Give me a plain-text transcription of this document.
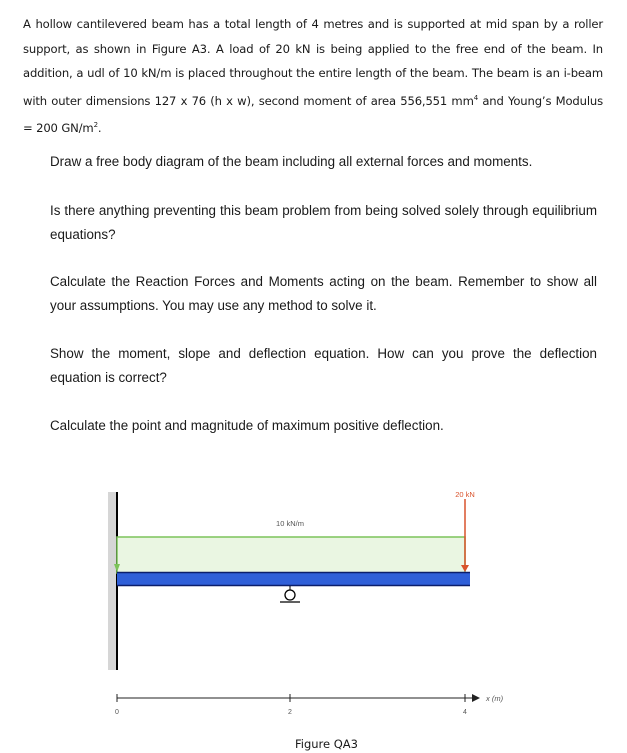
A hollow cantilevered beam has a total length of 4 metres and is supported at mid span by a roller support, as shown in Figure A3. A load of 20 kN is being applied to the free end of the beam. In addition, a udl of 10 kN/m is placed throughout the entire length of the beam. The beam is an i-beam with outer dimensions 127 x 76 (h x w), second moment of area 556,551 $mm^4$ and Young’s Modulus = 200 $GN/m^2$.

Draw a free body diagram of the beam including all external forces and moments.

Is there anything preventing this beam problem from being solved solely through equilibrium equations?

Calculate the Reaction Forces and Moments acting on the beam. Remember to show all your assumptions. You may use any method to solve it.

Show the moment, slope and deflection equation. How can you prove the deflection equation is correct?

Calculate the point and magnitude of maximum positive deflection.

10 kN/m
20 kN
0	2	4
x (m)

Figure QA3
